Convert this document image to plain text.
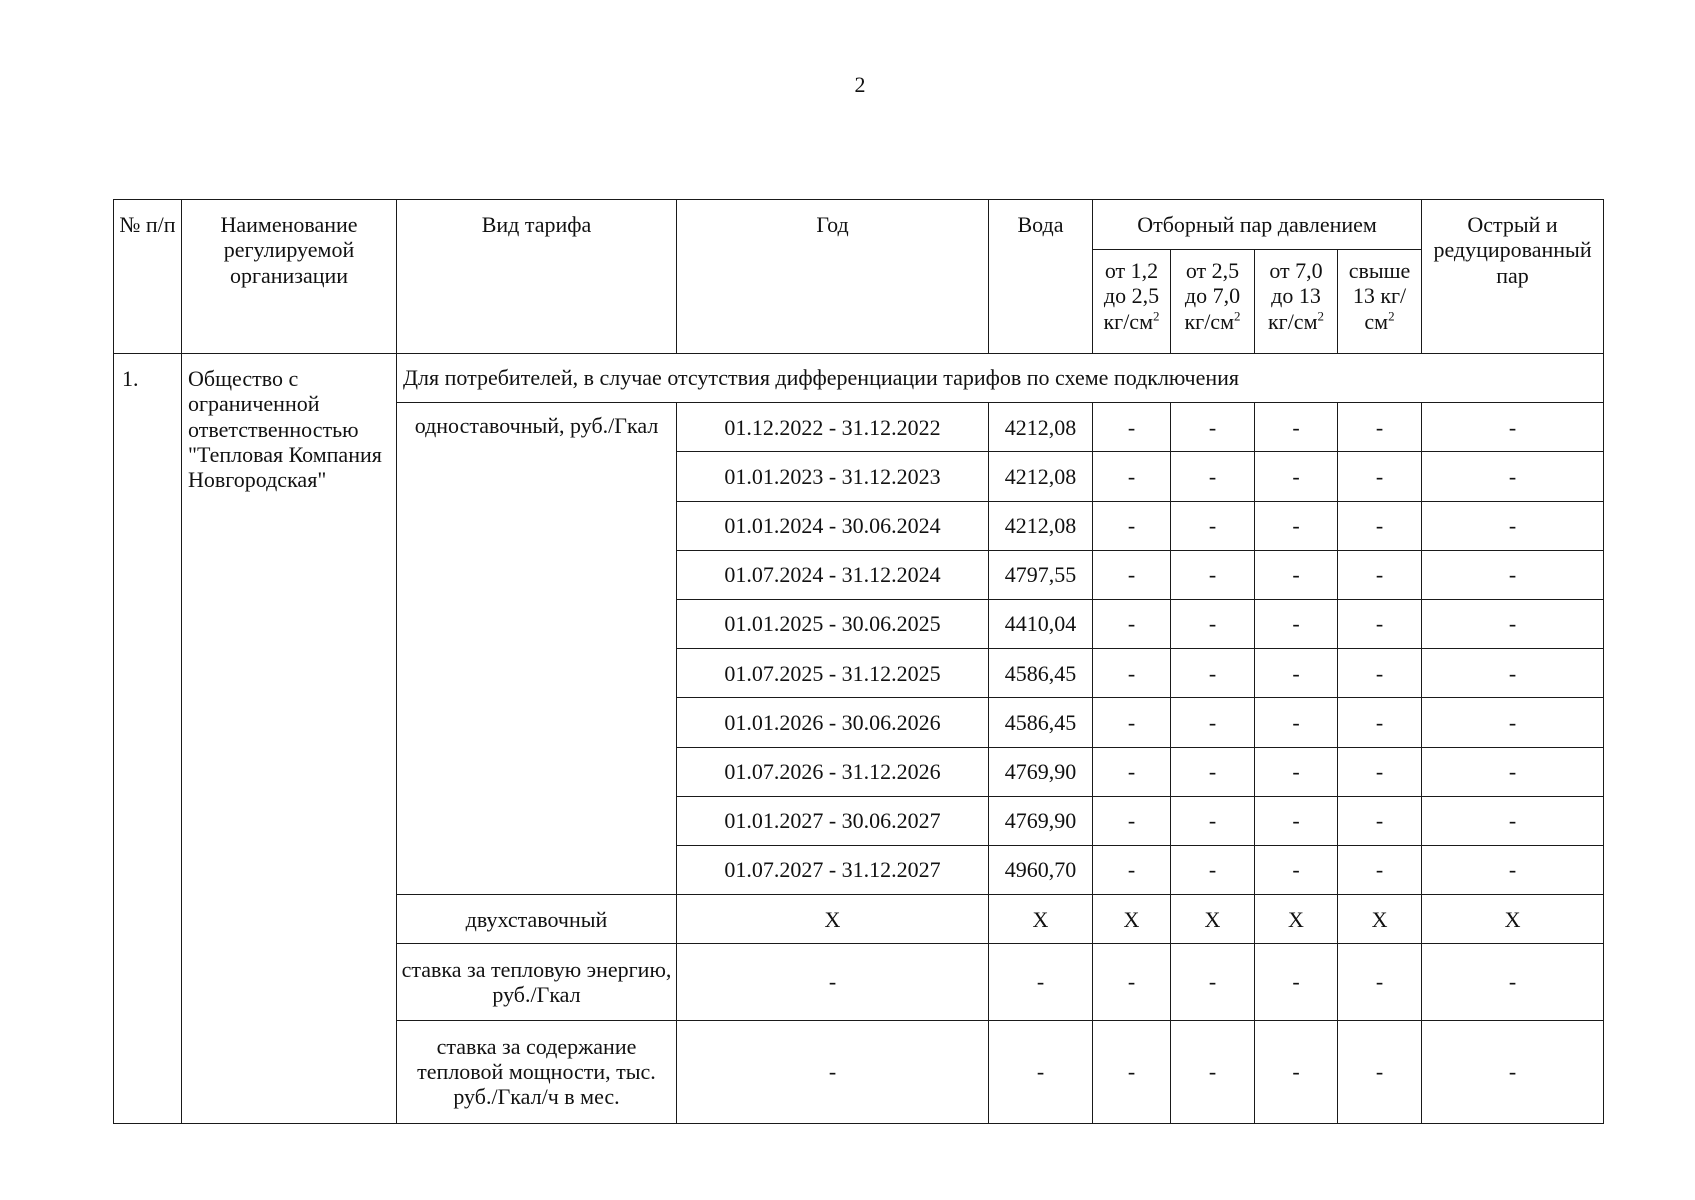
2
№ п/п	Наименование регулируемой организации	Вид тарифа	Год	Вода	Отборный пар давлением				Острый и редуцированный пар
					от 1,2 до 2,5 $кг/см^2$	от 2,5 до 7,0 $кг/см^2$	от 7,0 до 13 $кг/см^2$	свыше 13 $кг/см^2$
1.	Общество с ограниченной ответственностью "Тепловая Компания Новгородская"	Для потребителей, в случае отсутствия дифференциации тарифов по схеме подключения							
		одноставочный, руб./Гкал	01.12.2022 - 31.12.2022	4212,08	-	-	-	-	-
			01.01.2023 - 31.12.2023	4212,08	-	-	-	-	-
			01.01.2024 - 30.06.2024	4212,08	-	-	-	-	-
			01.07.2024 - 31.12.2024	4797,55	-	-	-	-	-
			01.01.2025 - 30.06.2025	4410,04	-	-	-	-	-
			01.07.2025 - 31.12.2025	4586,45	-	-	-	-	-
			01.01.2026 - 30.06.2026	4586,45	-	-	-	-	-
			01.07.2026 - 31.12.2026	4769,90	-	-	-	-	-
			01.01.2027 - 30.06.2027	4769,90	-	-	-	-	-
			01.07.2027 - 31.12.2027	4960,70	-	-	-	-	-
		двухставочный	X	X	X	X	X	X	X
		ставка за тепловую энергию, руб./Гкал	-	-	-	-	-	-	-
		ставка за содержание тепловой мощности, тыс. руб./Гкал/ч в мес.	-	-	-	-	-	-	-
